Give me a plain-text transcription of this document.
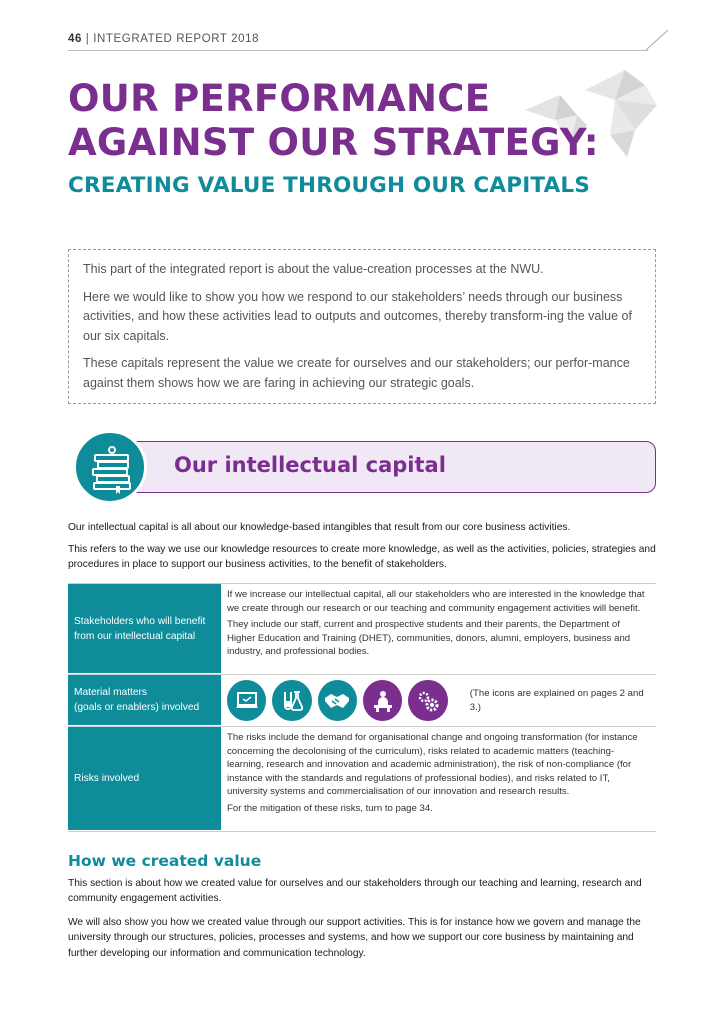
46 | INTEGRATED REPORT 2018
OUR PERFORMANCE
AGAINST OUR STRATEGY:
CREATING VALUE THROUGH OUR CAPITALS

This part of the integrated report is about the value-creation processes at the NWU.

Here we would like to show you how we respond to our stakeholders’ needs through our business activities, and how these activities lead to outputs and outcomes, thereby transform-ing the value of our six capitals.

These capitals represent the value we create for ourselves and our stakeholders; our perfor-mance against them shows how we are faring in achieving our strategic goals.

Our intellectual capital

Our intellectual capital is all about our knowledge-based intangibles that result from our core business activities.

This refers to the way we use our knowledge resources to create more knowledge, as well as the activities, policies, strategies and procedures in place to support our business activities, to the benefit of stakeholders.

Stakeholders who will benefit from our intellectual capital

If we increase our intellectual capital, all our stakeholders who are interested in the knowledge that we create through our research or our teaching and community engagement activities will benefit.

They include our staff, current and prospective students and their parents, the Department of Higher Education and Training (DHET), communities, donors, alumni, employers, business and industry, and professional bodies.

Material matters
(goals or enablers) involved
(The icons are explained on pages 2 and 3.)
Risks involved

The risks include the demand for organisational change and ongoing transformation (for instance concerning the decolonising of the curriculum), risks related to academic matters (teaching-learning, research and innovation and academic administration), the risk of non-compliance (for instance with the standards and regulations of professional bodies), and risks related to IT, university systems and commercialisation of our innovation and research results.

For the mitigation of these risks, turn to page 34.

How we created value

This section is about how we created value for ourselves and our stakeholders through our teaching and learning, research and community engagement activities.

We will also show you how we created value through our support activities. This is for instance how we govern and manage the university through our structures, policies, processes and systems, and how we support our core business by maintaining and further developing our information and communication technology.
